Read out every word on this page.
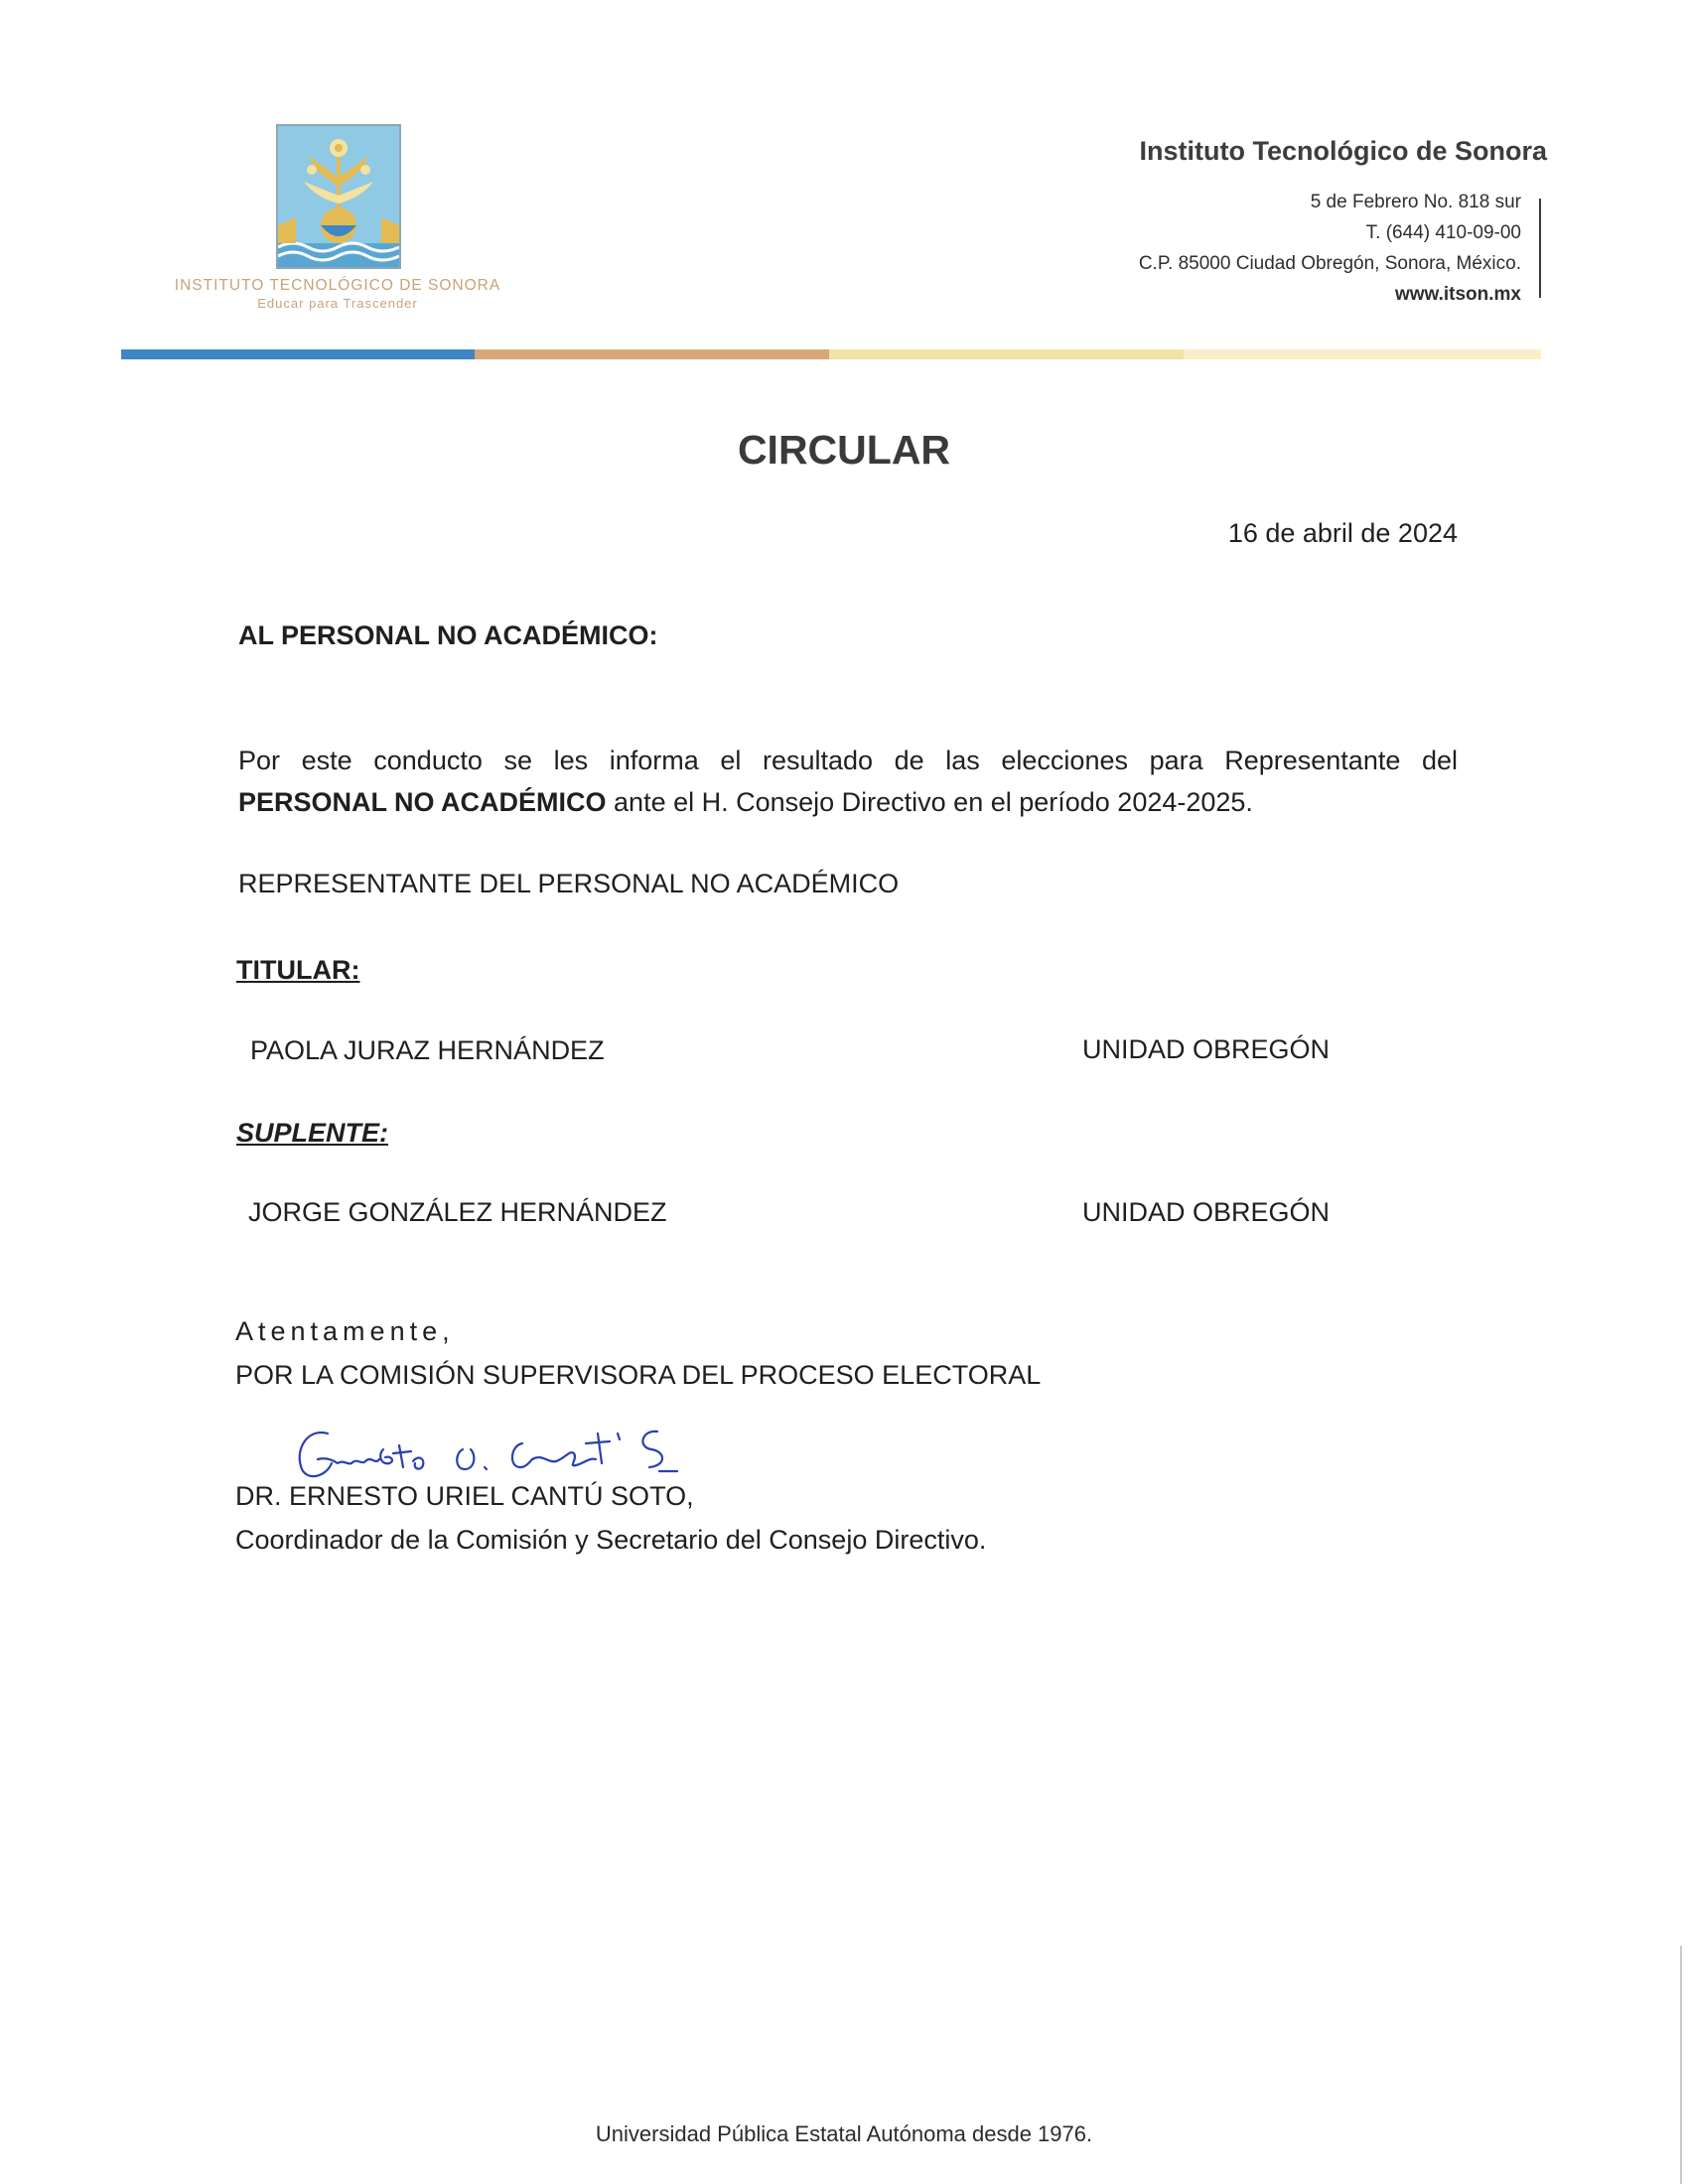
INSTITUTO TECNOLÓGICO DE SONORA
Educar para Trascender
Instituto Tecnológico de Sonora
5 de Febrero No. 818 sur
T. (644) 410-09-00
C.P. 85000 Ciudad Obregón, Sonora, México.
www.itson.mx
CIRCULAR
16 de abril de 2024
AL PERSONAL NO ACADÉMICO:
Por este conducto se les informa el resultado de las elecciones para Representante del
PERSONAL NO ACADÉMICO ante el H. Consejo Directivo en el período 2024-2025.
REPRESENTANTE DEL PERSONAL NO ACADÉMICO
TITULAR:
PAOLA JURAZ HERNÁNDEZ	UNIDAD OBREGÓN
SUPLENTE:
JORGE GONZÁLEZ HERNÁNDEZ	UNIDAD OBREGÓN
Atentamente,
POR LA COMISIÓN SUPERVISORA DEL PROCESO ELECTORAL
DR. ERNESTO URIEL CANTÚ SOTO,
Coordinador de la Comisión y Secretario del Consejo Directivo.
Universidad Pública Estatal Autónoma desde 1976.
